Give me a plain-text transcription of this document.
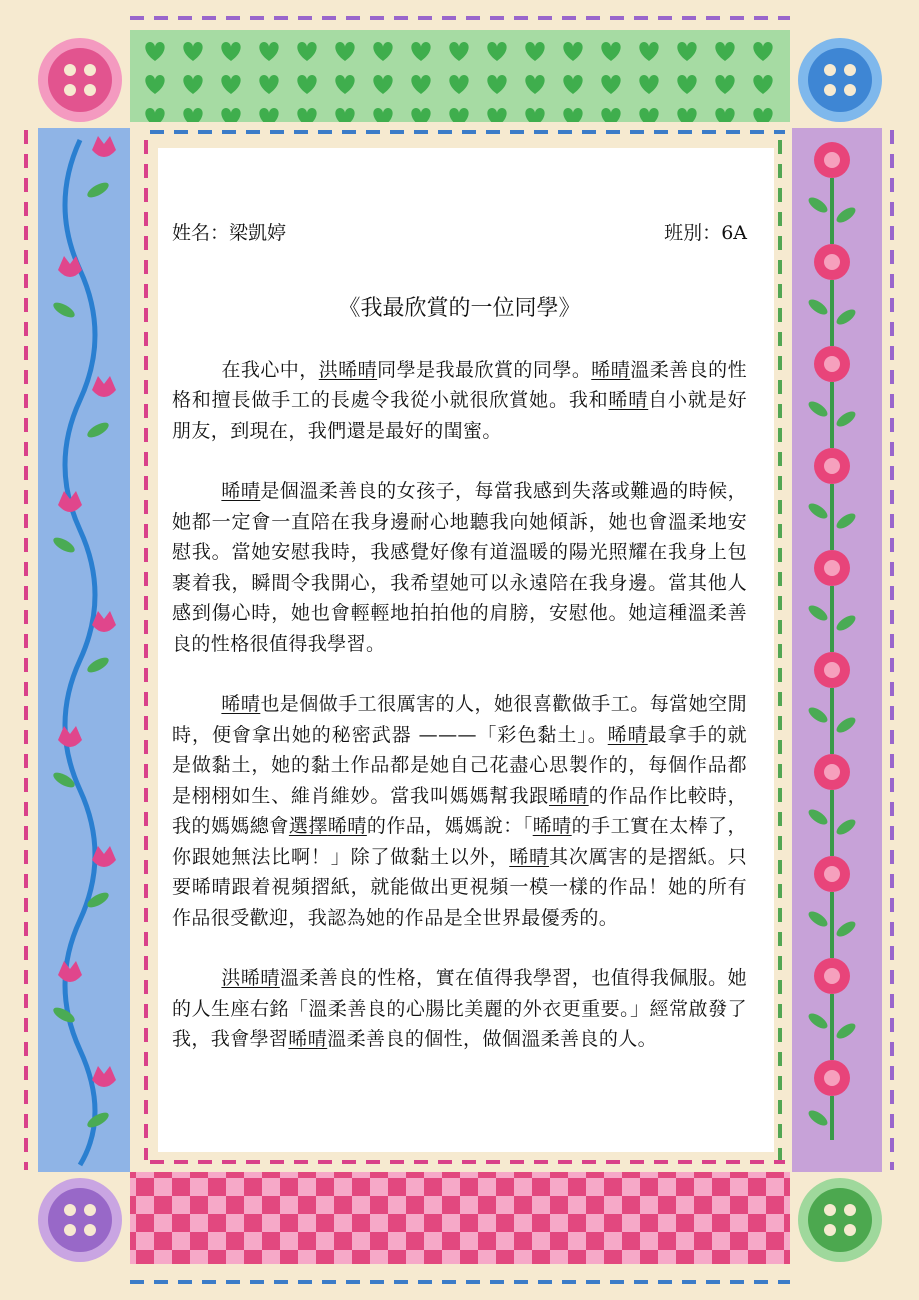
姓名：梁凱婷	班別：6A
《我最欣賞的一位同學》

在我心中，洪晞晴同學是我最欣賞的同學。晞晴溫柔善良的性格和擅長做手工的長處令我從小就很欣賞她。我和晞晴自小就是好朋友，到現在，我們還是最好的閨蜜。

晞晴是個溫柔善良的女孩子，每當我感到失落或難過的時候，她都一定會一直陪在我身邊耐心地聽我向她傾訴，她也會溫柔地安慰我。當她安慰我時，我感覺好像有道溫暖的陽光照耀在我身上包裹着我，瞬間令我開心，我希望她可以永遠陪在我身邊。當其他人感到傷心時，她也會輕輕地拍拍他的肩膀，安慰他。她這種溫柔善良的性格很值得我學習。

晞晴也是個做手工很厲害的人，她很喜歡做手工。每當她空閒時，便會拿出她的秘密武器 ———「彩色黏土」。晞晴最拿手的就是做黏土，她的黏土作品都是她自己花盡心思製作的，每個作品都是栩栩如生、維肖維妙。當我叫媽媽幫我跟晞晴的作品作比較時，我的媽媽總會選擇晞晴的作品，媽媽說：「晞晴的手工實在太棒了，你跟她無法比啊！」除了做黏土以外，晞晴其次厲害的是摺紙。只要晞晴跟着視頻摺紙，就能做出更視頻一模一樣的作品！她的所有作品很受歡迎，我認為她的作品是全世界最優秀的。

洪晞晴溫柔善良的性格，實在值得我學習，也值得我佩服。她的人生座右銘「溫柔善良的心腸比美麗的外衣更重要。」經常啟發了我，我會學習晞晴溫柔善良的個性，做個溫柔善良的人。
